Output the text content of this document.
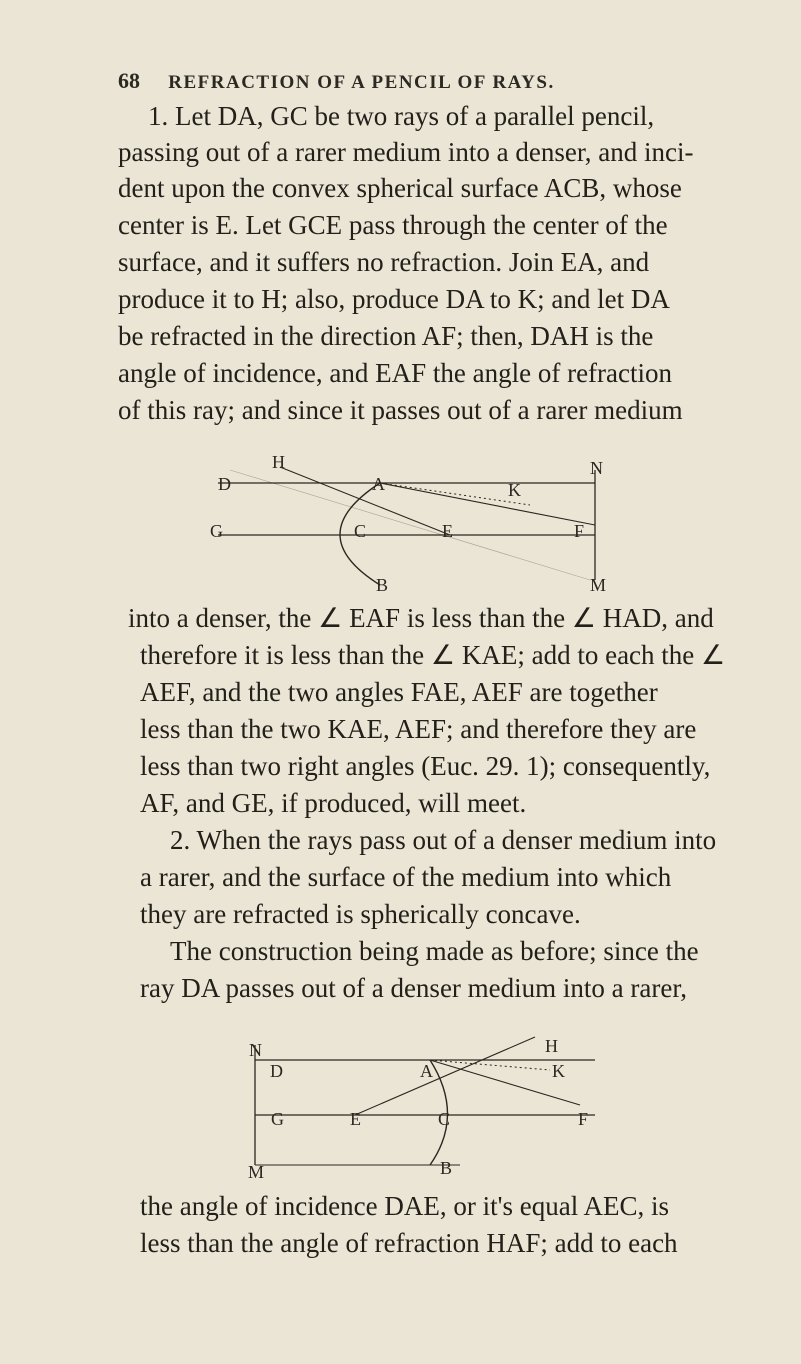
68 REFRACTION OF A PENCIL OF RAYS.
1. Let DA, GC be two rays of a parallel pencil,
passing out of a rarer medium into a denser, and inci-
dent upon the convex spherical surface ACB, whose
center is E. Let GCE pass through the center of the
surface, and it suffers no refraction. Join EA, and
produce it to H; also, produce DA to K; and let DA
be refracted in the direction AF; then, DAH is the
angle of incidence, and EAF the angle of refraction
of this ray; and since it passes out of a rarer medium
H	N
D	A	K
G	C	E	F
B	M
into a denser, the ∠ EAF is less than the ∠ HAD, and
therefore it is less than the ∠ KAE; add to each the ∠
AEF, and the two angles FAE, AEF are together
less than the two KAE, AEF; and therefore they are
less than two right angles (Euc. 29. 1); consequently,
AF, and GE, if produced, will meet.
2. When the rays pass out of a denser medium into
a rarer, and the surface of the medium into which
they are refracted is spherically concave.
The construction being made as before; since the
ray DA passes out of a denser medium into a rarer,
N	H
D	A	K
G	E	C	F
M	B
the angle of incidence DAE, or it's equal AEC, is
less than the angle of refraction HAF; add to each
